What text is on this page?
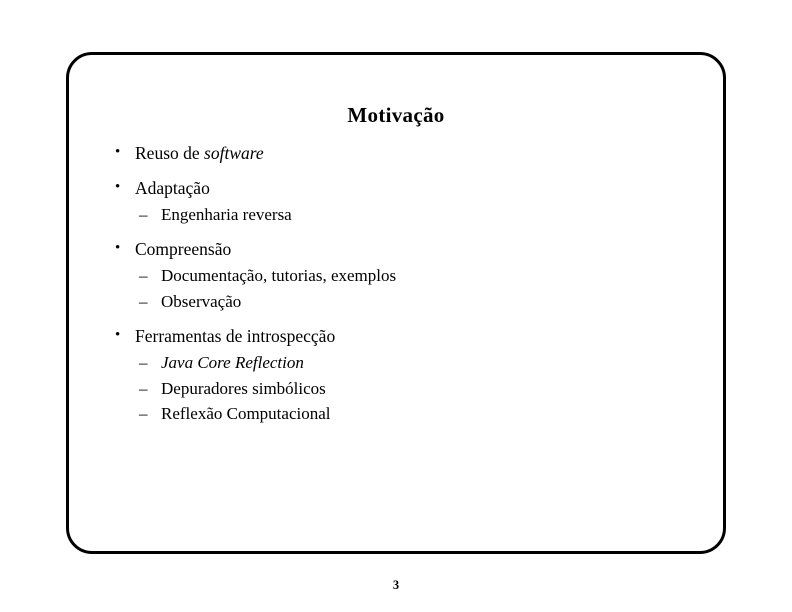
Motivação
• Reuso de software
• Adaptação
– Engenharia reversa
• Compreensão
– Documentação, tutorias, exemplos
– Observação
• Ferramentas de introspecção
– Java Core Reflection
– Depuradores simbólicos
– Reflexão Computacional
3
